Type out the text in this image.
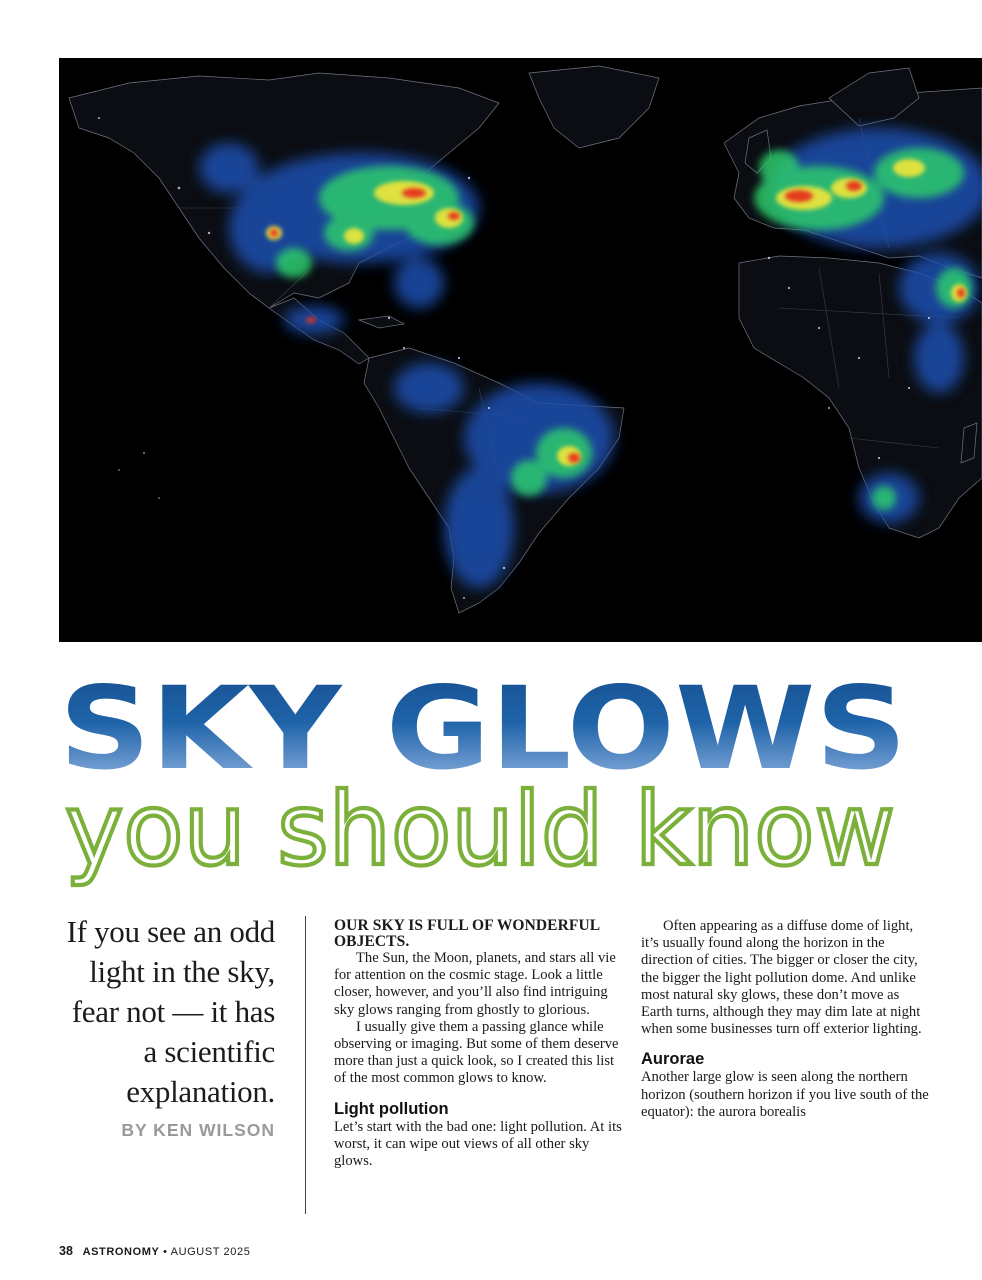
SKY GLOWS
you should know
If you see an odd light in the sky, fear not — it has a scientific explanation.
BY KEN WILSON

OUR SKY IS FULL OF WONDERFUL OBJECTS.

The Sun, the Moon, planets, and stars all vie for attention on the cosmic stage. Look a little closer, however, and you’ll also find intriguing sky glows ranging from ghostly to glorious.

I usually give them a passing glance while observing or imaging. But some of them deserve more than just a quick look, so I created this list of the most common glows to know.

Light pollution

Let’s start with the bad one: light pollution. At its worst, it can wipe out views of all other sky glows.

Often appearing as a diffuse dome of light, it’s usually found along the horizon in the direction of cities. The bigger or closer the city, the bigger the light pollution dome. And unlike most natural sky glows, these don’t move as Earth turns, although they may dim late at night when some businesses turn off exterior lighting.

Aurorae

Another large glow is seen along the northern horizon (southern horizon if you live south of the equator): the aurora borealis

38 ASTRONOMY • AUGUST 2025
